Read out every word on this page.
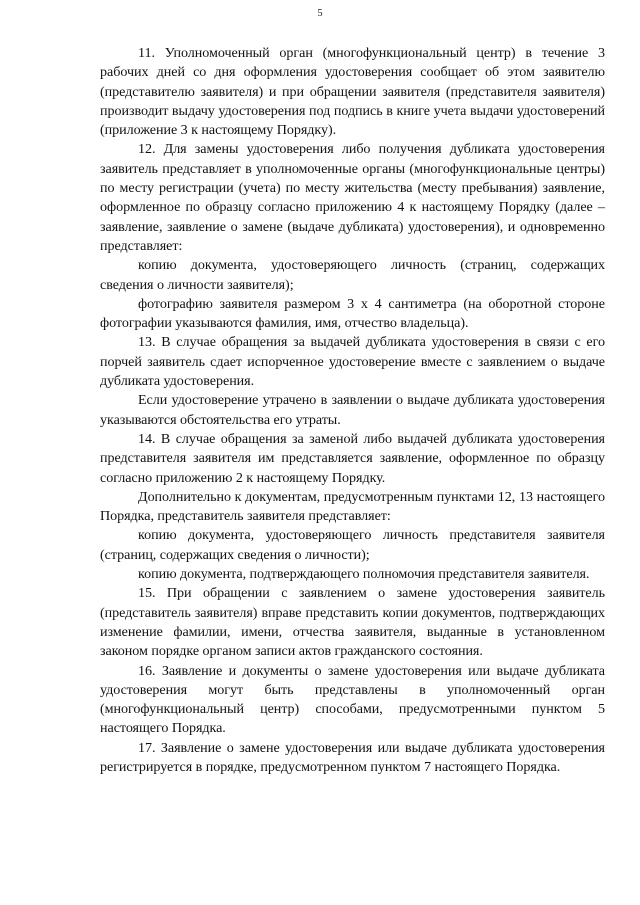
5

11. Уполномоченный орган (многофункциональный центр) в течение 3 рабочих дней со дня оформления удостоверения сообщает об этом заявителю (представителю заявителя) и при обращении заявителя (представителя заявителя) производит выдачу удостоверения под подпись в книге учета выдачи удостоверений (приложение 3 к настоящему Порядку).

12. Для замены удостоверения либо получения дубликата удостоверения заявитель представляет в уполномоченные органы (многофункциональные центры) по месту регистрации (учета) по месту жительства (месту пребывания) заявление, оформленное по образцу согласно приложению 4 к настоящему Порядку (далее – заявление, заявление о замене (выдаче дубликата) удостоверения), и одновременно представляет:

копию документа, удостоверяющего личность (страниц, содержащих сведения о личности заявителя);

фотографию заявителя размером 3 х 4 сантиметра (на оборотной стороне фотографии указываются фамилия, имя, отчество владельца).

13. В случае обращения за выдачей дубликата удостоверения в связи с его порчей заявитель сдает испорченное удостоверение вместе с заявлением о выдаче дубликата удостоверения.

Если удостоверение утрачено в заявлении о выдаче дубликата удостоверения указываются обстоятельства его утраты.

14. В случае обращения за заменой либо выдачей дубликата удостоверения представителя заявителя им представляется заявление, оформленное по образцу согласно приложению 2 к настоящему Порядку.

Дополнительно к документам, предусмотренным пунктами 12, 13 настоящего Порядка, представитель заявителя представляет:

копию документа, удостоверяющего личность представителя заявителя (страниц, содержащих сведения о личности);

копию документа, подтверждающего полномочия представителя заявителя.

15. При обращении с заявлением о замене удостоверения заявитель (представитель заявителя) вправе представить копии документов, подтверждающих изменение фамилии, имени, отчества заявителя, выданные в установленном законом порядке органом записи актов гражданского состояния.

16. Заявление и документы о замене удостоверения или выдаче дубликата удостоверения могут быть представлены в уполномоченный орган (многофункциональный центр) способами, предусмотренными пунктом 5 настоящего Порядка.

17. Заявление о замене удостоверения или выдаче дубликата удостоверения регистрируется в порядке, предусмотренном пунктом 7 настоящего Порядка.
